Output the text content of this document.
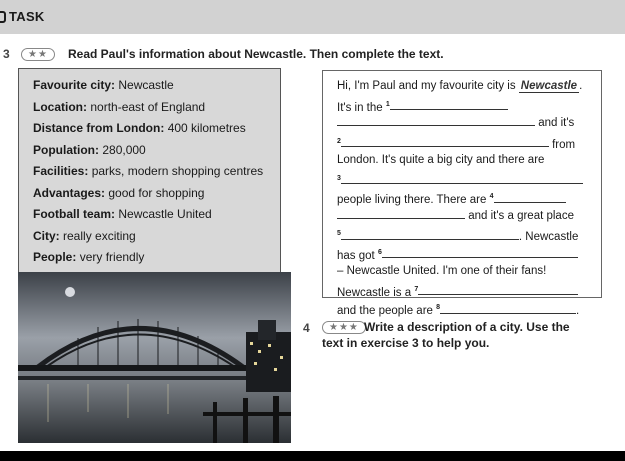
TASK
3	★★	Read Paul's information about Newcastle. Then complete the text.
Favourite city: Newcastle
Location: north-east of England
Distance from London: 400 kilometres
Population: 280,000
Facilities: parks, modern shopping centres
Advantages: good for shopping
Football team: Newcastle United
City: really exciting
People: very friendly
Hi, I'm Paul and my favourite city is Newcastle .
It's in the $^1$
and it's
$^2$	from
London. It's quite a big city and there are
$^3$
people living there. There are $^4$
and it's a great place
$^5$	. Newcastle
has got $^6$
– Newcastle United. I'm one of their fans!
Newcastle is a $^7$
and the people are $^8$	.
4	★★★ Write a description of a city. Use the
text in exercise 3 to help you.
